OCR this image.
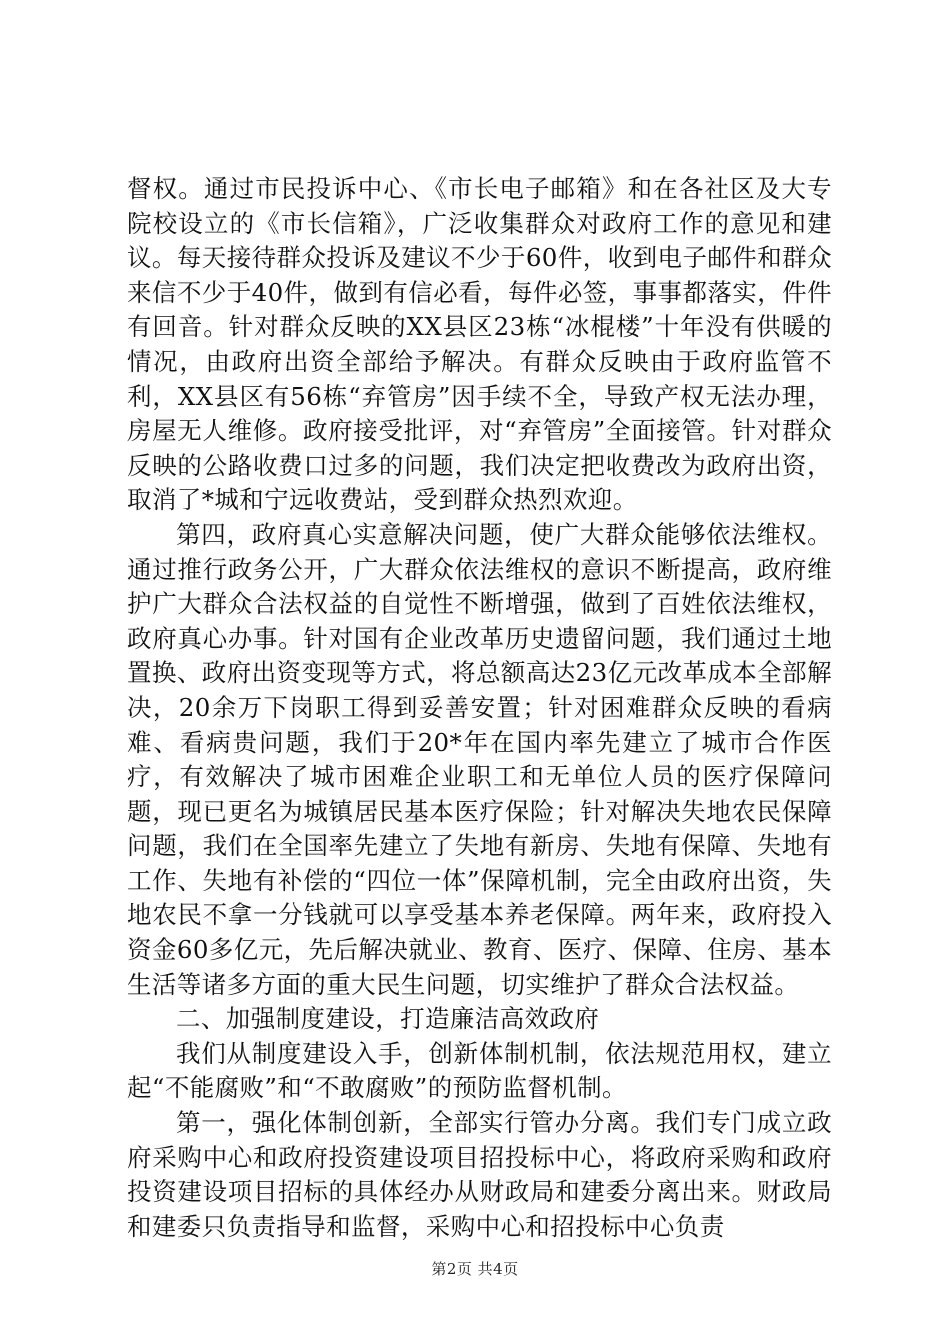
督权。通过市民投诉中心、《市长电子邮箱》和在各社区及大专院校设立的《市长信箱》，广泛收集群众对政府工作的意见和建议。每天接待群众投诉及建议不少于60件，收到电子邮件和群众来信不少于40件，做到有信必看，每件必签，事事都落实，件件有回音。针对群众反映的XX县区23栋“冰棍楼”十年没有供暖的情况，由政府出资全部给予解决。有群众反映由于政府监管不利，XX县区有56栋“弃管房”因手续不全，导致产权无法办理，房屋无人维修。政府接受批评，对“弃管房”全面接管。针对群众反映的公路收费口过多的问题，我们决定把收费改为政府出资，取消了*城和宁远收费站，受到群众热烈欢迎。

第四，政府真心实意解决问题，使广大群众能够依法维权。通过推行政务公开，广大群众依法维权的意识不断提高，政府维护广大群众合法权益的自觉性不断增强，做到了百姓依法维权，政府真心办事。针对国有企业改革历史遗留问题，我们通过土地置换、政府出资变现等方式，将总额高达23亿元改革成本全部解决，20余万下岗职工得到妥善安置；针对困难群众反映的看病难、看病贵问题，我们于20*年在国内率先建立了城市合作医疗，有效解决了城市困难企业职工和无单位人员的医疗保障问题，现已更名为城镇居民基本医疗保险；针对解决失地农民保障问题，我们在全国率先建立了失地有新房、失地有保障、失地有工作、失地有补偿的“四位一体”保障机制，完全由政府出资，失地农民不拿一分钱就可以享受基本养老保障。两年来，政府投入资金60多亿元，先后解决就业、教育、医疗、保障、住房、基本生活等诸多方面的重大民生问题，切实维护了群众合法权益。

二、加强制度建设，打造廉洁高效政府

我们从制度建设入手，创新体制机制，依法规范用权，建立起“不能腐败”和“不敢腐败”的预防监督机制。

第一，强化体制创新，全部实行管办分离。我们专门成立政府采购中心和政府投资建设项目招投标中心，将政府采购和政府投资建设项目招标的具体经办从财政局和建委分离出来。财政局和建委只负责指导和监督，采购中心和招投标中心负责

第2页 共4页
